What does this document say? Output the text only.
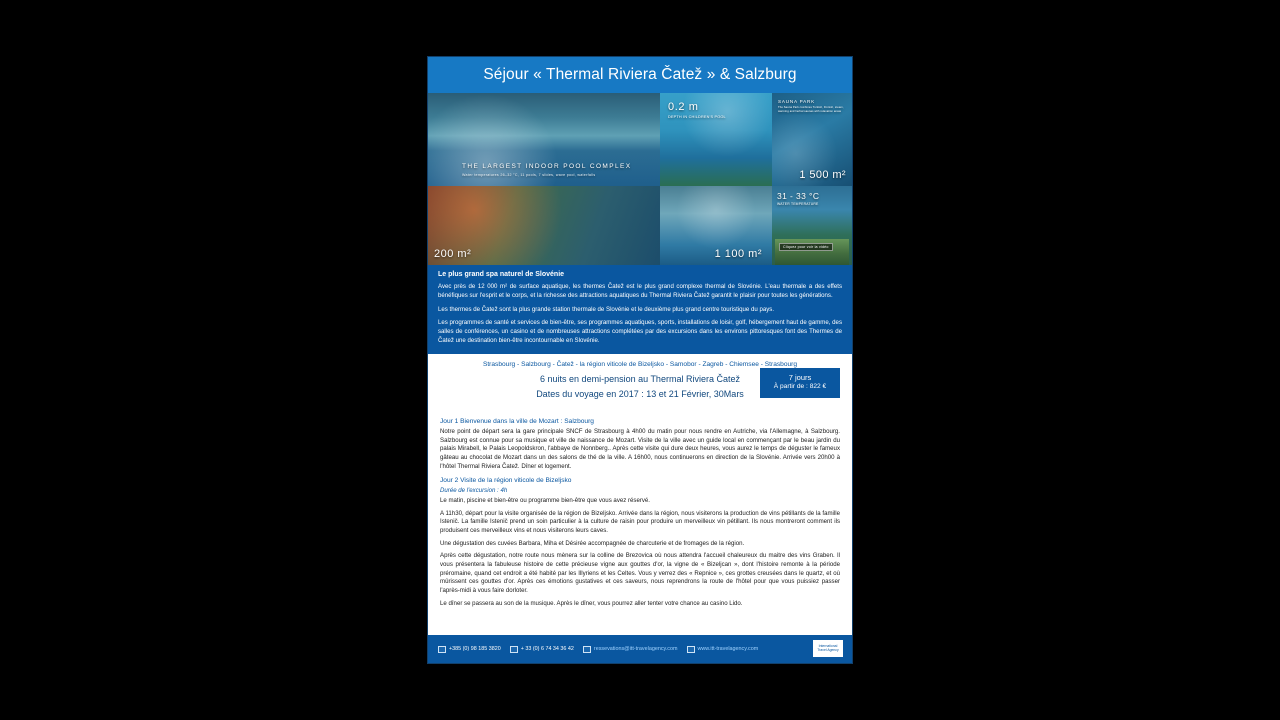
Séjour « Thermal Riviera Čatež » & Salzburg
THE LARGEST INDOOR POOL COMPLEX
Water temperatures 26–32 °C, 11 pools, 7 slides, wave pool, waterfalls
0.2 m
DEPTH IN CHILDREN'S POOL
SAUNA PARK
The Sauna Park combines Turkish, Finnish, steam, warming and herbal saunas with relaxation areas
1 500 m²
200 m²	1 100 m²
31 - 33 °C
WATER TEMPERATURE
Cliquez pour voir la vidéo
Le plus grand spa naturel de Slovénie

Avec près de 12 000 m² de surface aquatique, les thermes Čatež est le plus grand complexe thermal de Slovénie. L'eau thermale a des effets bénéfiques sur l'esprit et le corps, et la richesse des attractions aquatiques du Thermal Riviera Čatež garantit le plaisir pour toutes les générations.

Les thermes de Čatež sont la plus grande station thermale de Slovénie et le deuxième plus grand centre touristique du pays.

Les programmes de santé et services de bien-être, ses programmes aquatiques, sports, installations de loisir, golf, hébergement haut de gamme, des salles de conférences, un casino et de nombreuses attractions complétées par des excursions dans les environs pittoresques font des Thermes de Čatež une destination bien-être incontournable en Slovénie.

Strasbourg - Salzbourg - Čatež - la région viticole de Bizeljsko - Samobor - Zagreb - Chiemsee - Strasbourg
6 nuits en demi-pension au Thermal Riviera Čatež
Dates du voyage en 2017 : 13 et 21 Février, 30Mars
7 jours
À partir de : 822 €
Jour 1 Bienvenue dans la ville de Mozart : Salzbourg

Notre point de départ sera la gare principale SNCF de Strasbourg à 4h00 du matin pour nous rendre en Autriche, via l'Allemagne, à Salzbourg. Salzbourg est connue pour sa musique et ville de naissance de Mozart. Visite de la ville avec un guide local en commençant par le beau jardin du palais Mirabell, le Palais Leopoldskron, l'abbaye de Nonnberg.. Après cette visite qui dure deux heures, vous aurez le temps de déguster le fameux gâteau au chocolat de Mozart dans un des salons de thé de la ville. A 16h00, nous continuerons en direction de la Slovénie. Arrivée vers 20h00 à l'hôtel Thermal Riviera Čatež. Dîner et logement.

Jour 2 Visite de la région viticole de Bizeljsko
Durée de l'excursion : 4h

Le matin, piscine et bien-être ou programme bien-être que vous avez réservé.

A 11h30, départ pour la visite organisée de la région de Bizeljsko. Arrivée dans la région, nous visiterons la production de vins pétillants de la famille Istenič. La famille Istenič prend un soin particulier à la culture de raisin pour produire un merveilleux vin pétillant. Ils nous montreront comment ils produisent ces merveilleux vins et nous visiterons leurs caves.

Une dégustation des cuvées Barbara, Miha et Désirée accompagnée de charcuterie et de fromages de la région.

Après cette dégustation, notre route nous mènera sur la colline de Brezovica où nous attendra l'accueil chaleureux du maitre des vins Graben. Il vous présentera la fabuleuse histoire de cette précieuse vigne aux gouttes d'or, la vigne de « Bizeljcan », dont l'histoire remonte à la période préromaine, quand cet endroit a été habité par les Illyriens et les Celtes. Vous y verrez des « Repnice », ces grottes creusées dans le quartz, et où mûrissent ces gouttes d'or. Après ces émotions gustatives et ces saveurs, nous reprendrons la route de l'hôtel pour que vous puissiez passer l'après-midi à vous faire dorloter.

Le dîner se passera au son de la musique. Après le dîner, vous pourrez aller tenter votre chance au casino Lido.

+385 (0) 98 185 3820	+ 33 (0) 6 74 34 36 42	ressevations@itt-travelagency.com	www.itt-travelagency.com
International Travel Agency
